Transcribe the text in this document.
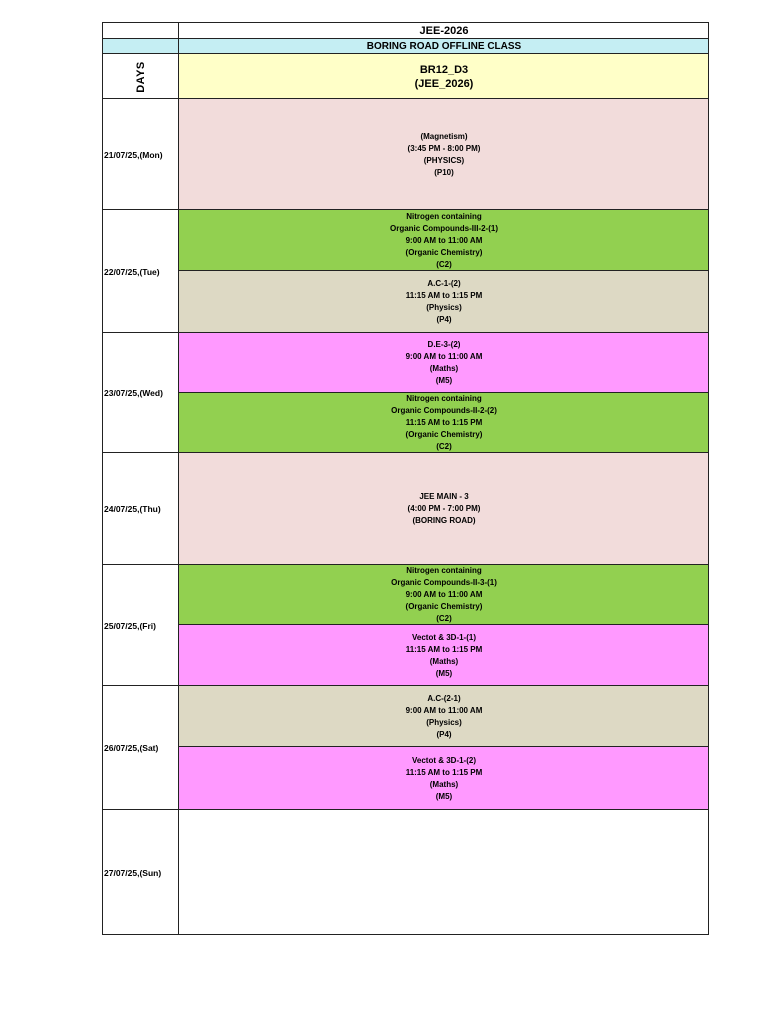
JEE-2026
BORING ROAD OFFLINE CLASS
DAYS	BR12_D3
(JEE_2026)
21/07/25,(Mon)
(Magnetism)
(3:45 PM - 8:00 PM)
(PHYSICS)
(P10)
22/07/25,(Tue)
Nitrogen containing
Organic Compounds-III-2-(1)
9:00 AM to 11:00 AM
(Organic Chemistry)
(C2)
A.C-1-(2)
11:15 AM to 1:15 PM
(Physics)
(P4)
23/07/25,(Wed)
D.E-3-(2)
9:00 AM to 11:00 AM
(Maths)
(M5)
Nitrogen containing
Organic Compounds-II-2-(2)
11:15 AM to 1:15 PM
(Organic Chemistry)
(C2)
24/07/25,(Thu)
JEE MAIN - 3
(4:00 PM - 7:00 PM)
(BORING ROAD)
25/07/25,(Fri)
Nitrogen containing
Organic Compounds-II-3-(1)
9:00 AM to 11:00 AM
(Organic Chemistry)
(C2)
Vectot & 3D-1-(1)
11:15 AM to 1:15 PM
(Maths)
(M5)
26/07/25,(Sat)
A.C-(2-1)
9:00 AM to 11:00 AM
(Physics)
(P4)
Vectot & 3D-1-(2)
11:15 AM to 1:15 PM
(Maths)
(M5)
27/07/25,(Sun)
